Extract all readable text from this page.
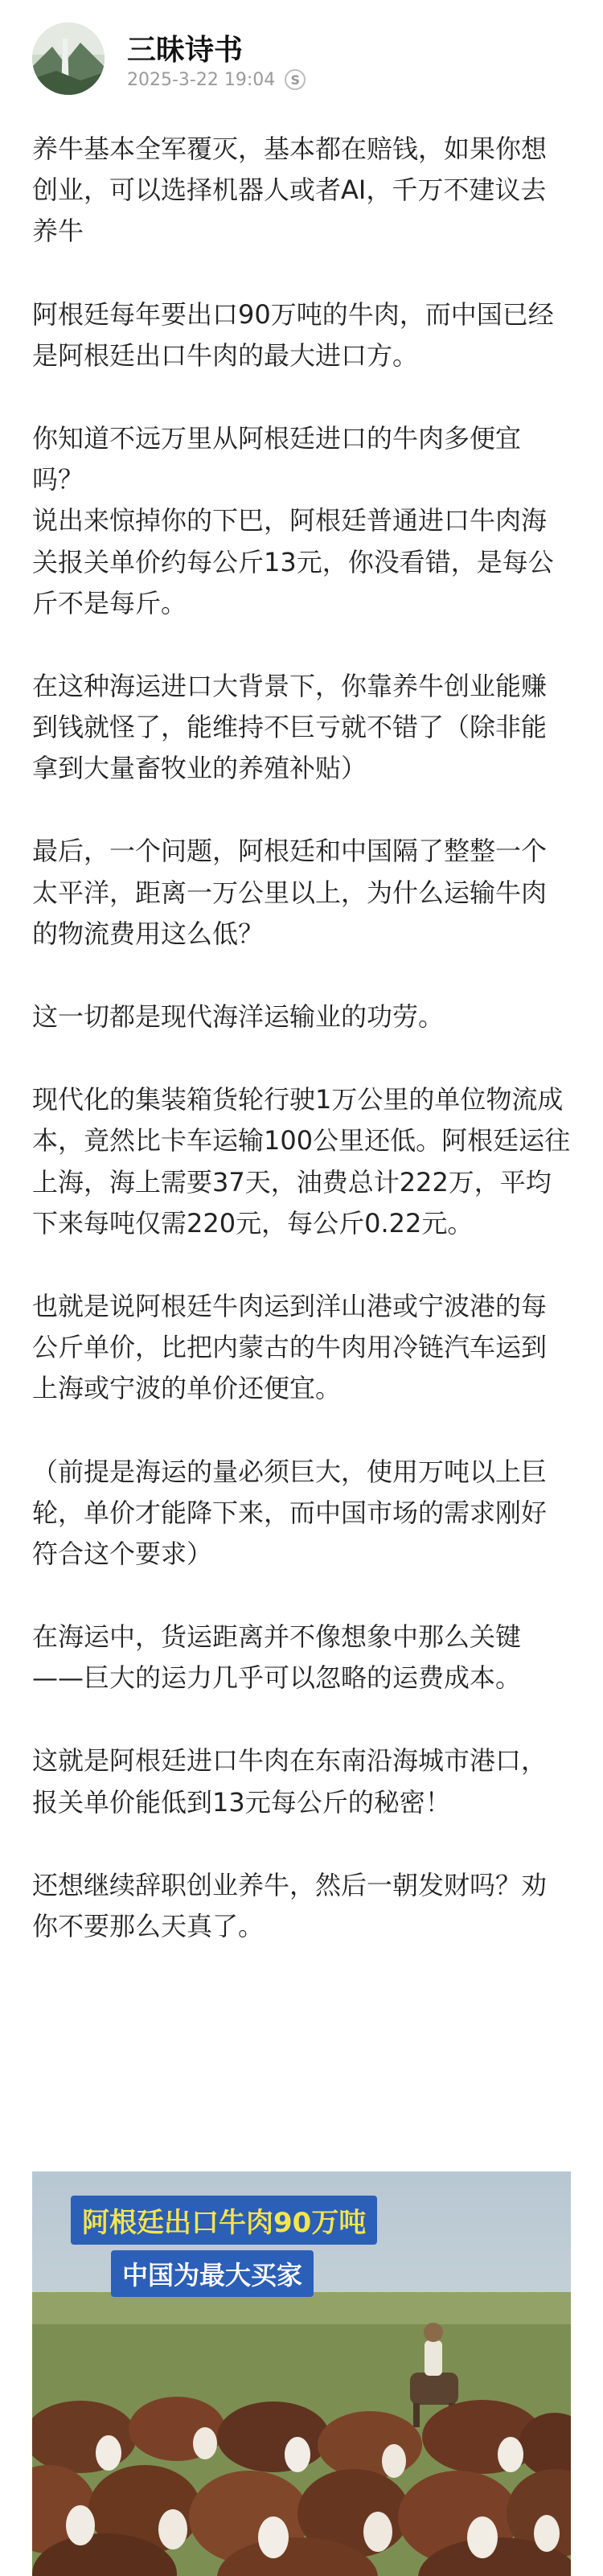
三昧诗书
2025-3-22 19:04	S

养牛基本全军覆灭，基本都在赔钱，如果你想创业，可以选择机器人或者AI，千万不建议去养牛

阿根廷每年要出口90万吨的牛肉，而中国已经是阿根廷出口牛肉的最大进口方。

你知道不远万里从阿根廷进口的牛肉多便宜吗？
说出来惊掉你的下巴，阿根廷普通进口牛肉海关报关单价约每公斤13元，你没看错，是每公斤不是每斤。

在这种海运进口大背景下，你靠养牛创业能赚到钱就怪了，能维持不巨亏就不错了（除非能拿到大量畜牧业的养殖补贴）

最后，一个问题，阿根廷和中国隔了整整一个太平洋，距离一万公里以上，为什么运输牛肉的物流费用这么低？

这一切都是现代海洋运输业的功劳。

现代化的集装箱货轮行驶1万公里的单位物流成本，竟然比卡车运输100公里还低。阿根廷运往上海，海上需要37天，油费总计222万，平均下来每吨仅需220元，每公斤0.22元。

也就是说阿根廷牛肉运到洋山港或宁波港的每公斤单价，比把内蒙古的牛肉用冷链汽车运到上海或宁波的单价还便宜。

（前提是海运的量必须巨大，使用万吨以上巨轮，单价才能降下来，而中国市场的需求刚好符合这个要求）

在海运中，货运距离并不像想象中那么关键——巨大的运力几乎可以忽略的运费成本。

这就是阿根廷进口牛肉在东南沿海城市港口，报关单价能低到13元每公斤的秘密！

还想继续辞职创业养牛，然后一朝发财吗？劝你不要那么天真了。

阿根廷出口牛肉90万吨
中国为最大买家
